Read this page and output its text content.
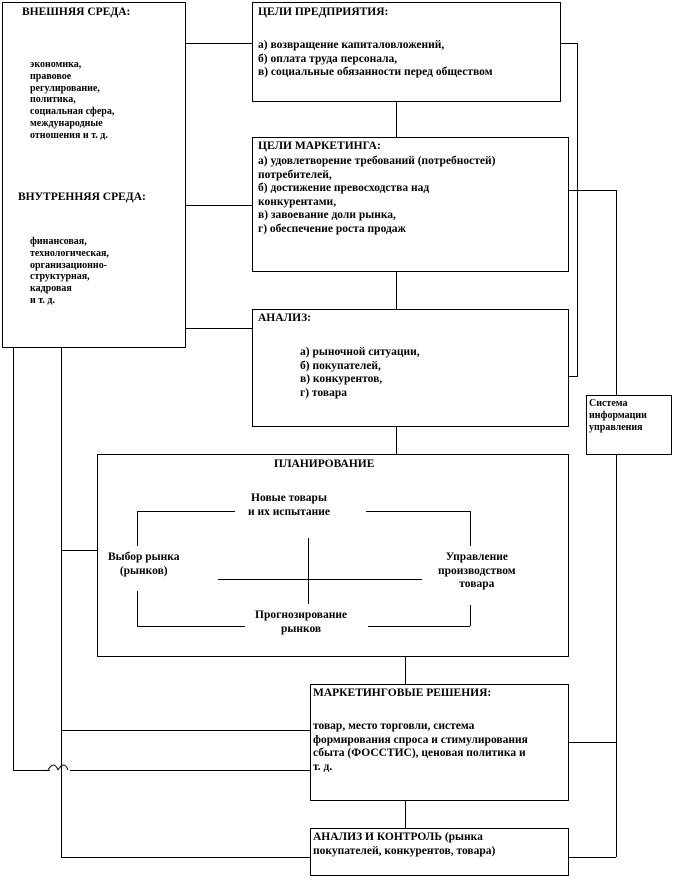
ВНЕШНЯЯ СРЕДА:
экономика,
правовое
регулирование,
политика,
социальная сфера,
международные
отношения и т. д.
ВНУТРЕННЯЯ СРЕДА:
финансовая,
технологическая,
организационно-
структурная,
кадровая
и т. д.
ЦЕЛИ ПРЕДПРИЯТИЯ:
а) возвращение капиталовложений,
б) оплата труда персонала,
в) социальные обязанности перед обществом
ЦЕЛИ МАРКЕТИНГА:
а) удовлетворение требований (потребностей)
потребителей,
б) достижение превосходства над
конкурентами,
в) завоевание доли рынка,
г) обеспечение роста продаж
АНАЛИЗ:
а) рыночной ситуации,
б) покупателей,
в) конкурентов,
г) товара
Система
информации
управления
ПЛАНИРОВАНИЕ
Новые товары
и их испытание
Выбор рынка
(рынков)
Управление
производством
товара
Прогнозирование
рынков
МАРКЕТИНГОВЫЕ РЕШЕНИЯ:
товар, место торговли, система
формирования спроса и стимулирования
сбыта (ФОССТИС), ценовая политика и
т. д.
АНАЛИЗ И КОНТРОЛЬ (рынка
покупателей, конкурентов, товара)
